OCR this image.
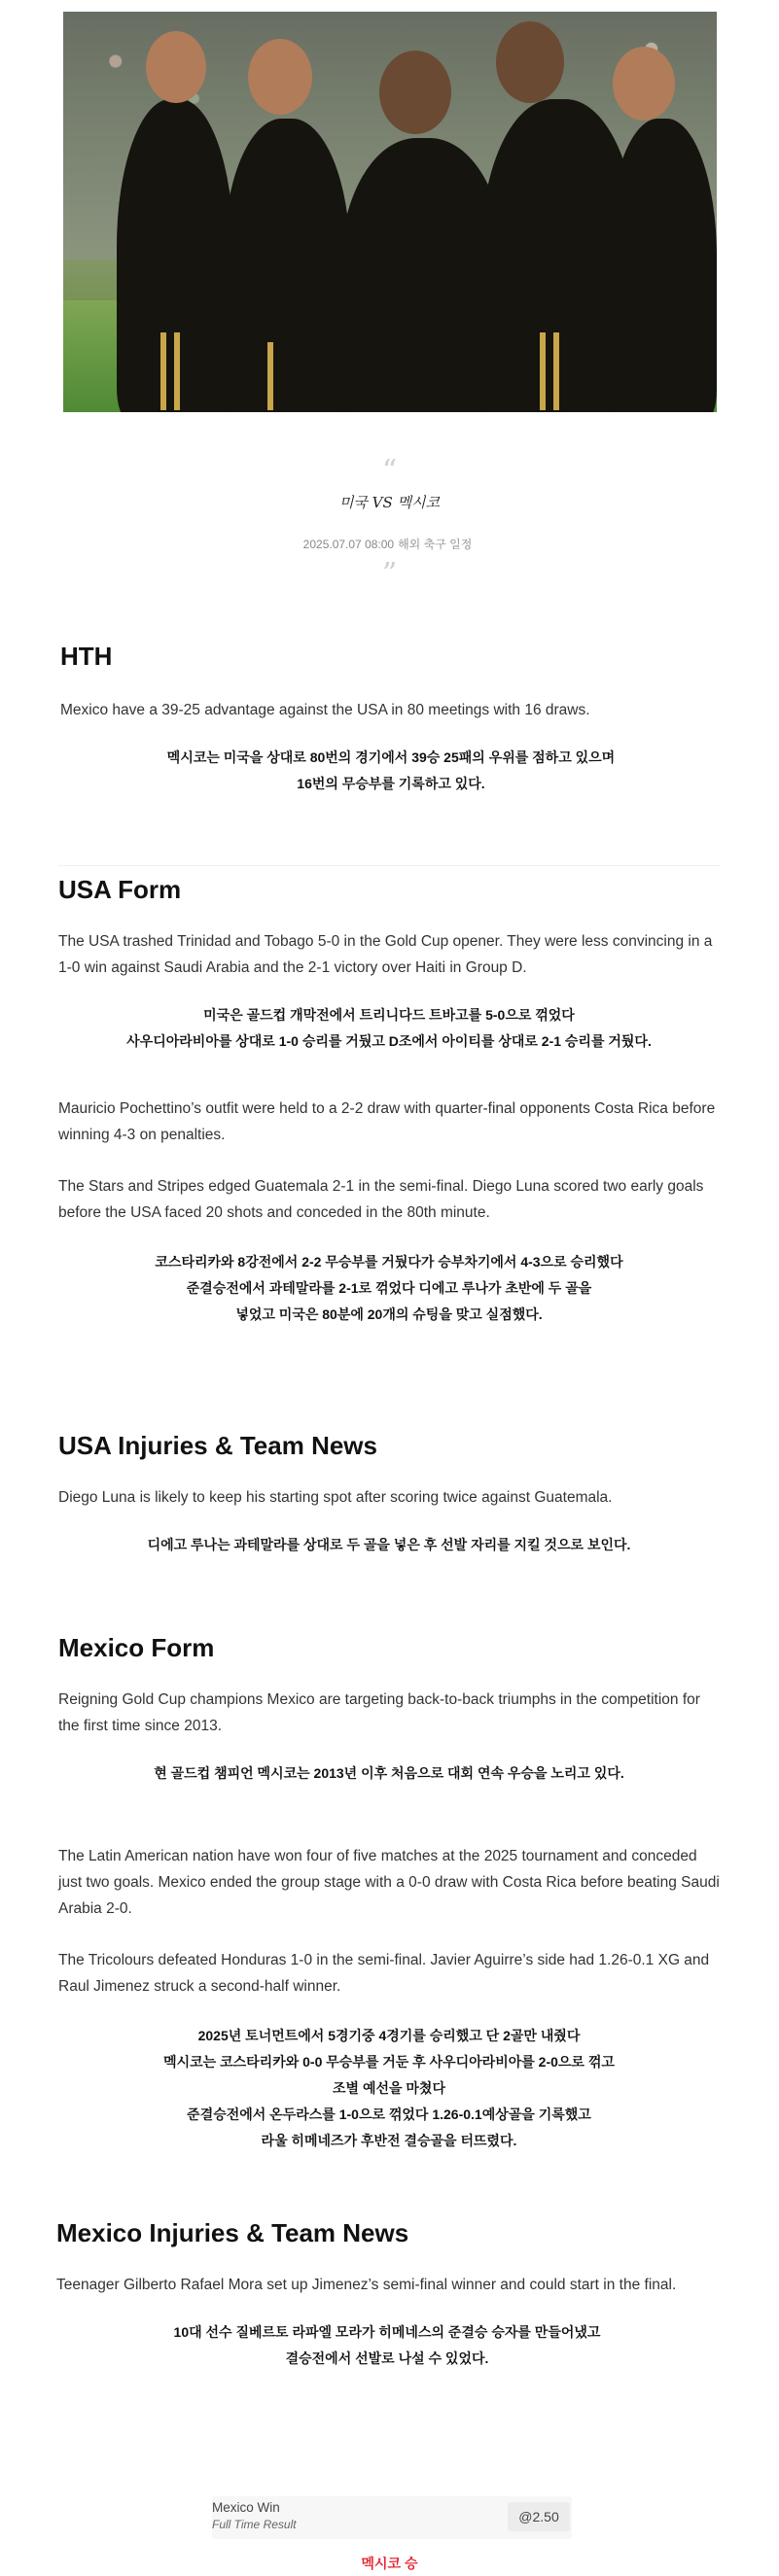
“
미국 VS 멕시코
2025.07.07 08:00 해외 축구 일정
”
HTH

Mexico have a 39-25 advantage against the USA in 80 meetings with 16 draws.

멕시코는 미국을 상대로 80번의 경기에서 39승 25패의 우위를 점하고 있으며
16번의 무승부를 기록하고 있다.
USA Form

The USA trashed Trinidad and Tobago 5-0 in the Gold Cup opener. They were less convincing in a 1-0 win against Saudi Arabia and the 2-1 victory over Haiti in Group D.

미국은 골드컵 개막전에서 트리니다드 트바고를 5-0으로 꺾었다
사우디아라비아를 상대로 1-0 승리를 거뒀고 D조에서 아이티를 상대로 2-1 승리를 거뒀다.

Mauricio Pochettino’s outfit were held to a 2-2 draw with quarter-final opponents Costa Rica before winning 4-3 on penalties.

The Stars and Stripes edged Guatemala 2-1 in the semi-final. Diego Luna scored two early goals before the USA faced 20 shots and conceded in the 80th minute.

코스타리카와 8강전에서 2-2 무승부를 거뒀다가 승부차기에서 4-3으로 승리했다
준결승전에서 과테말라를 2-1로 꺾었다 디에고 루나가 초반에 두 골을
넣었고 미국은 80분에 20개의 슈팅을 맞고 실점했다.
USA Injuries & Team News

Diego Luna is likely to keep his starting spot after scoring twice against Guatemala.

디에고 루나는 과테말라를 상대로 두 골을 넣은 후 선발 자리를 지킬 것으로 보인다.
Mexico Form

Reigning Gold Cup champions Mexico are targeting back-to-back triumphs in the competition for the first time since 2013.

현 골드컵 챔피언 멕시코는 2013년 이후 처음으로 대회 연속 우승을 노리고 있다.

The Latin American nation have won four of five matches at the 2025 tournament and conceded just two goals. Mexico ended the group stage with a 0-0 draw with Costa Rica before beating Saudi Arabia 2-0.

The Tricolours defeated Honduras 1-0 in the semi-final. Javier Aguirre’s side had 1.26-0.1 XG and Raul Jimenez struck a second-half winner.

2025년 토너먼트에서 5경기중 4경기를 승리했고 단 2골만 내줬다
멕시코는 코스타리카와 0-0 무승부를 거둔 후 사우디아라비아를 2-0으로 꺾고
조별 예선을 마쳤다
준결승전에서 온두라스를 1-0으로 꺾었다 1.26-0.1예상골을 기록했고
라울 히메네즈가 후반전 결승골을 터뜨렸다.
Mexico Injuries & Team News

Teenager Gilberto Rafael Mora set up Jimenez’s semi-final winner and could start in the final.

10대 선수 질베르토 라파엘 모라가 히메네스의 준결승 승자를 만들어냈고
결승전에서 선발로 나설 수 있었다.
Mexico Win
Full Time Result	@2.50
멕시코 승
